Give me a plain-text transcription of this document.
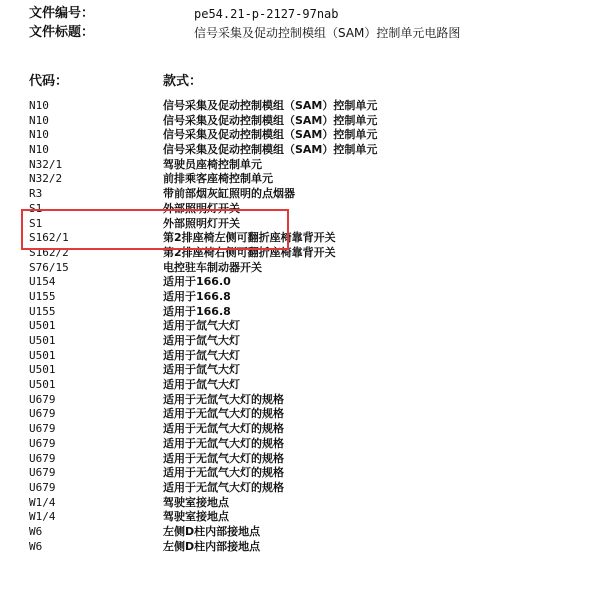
文件编号：	pe54.21-p-2127-97nab
文件标题：	信号采集及促动控制模组（SAM）控制单元电路图
代码：	款式：
N10	信号采集及促动控制模组（SAM）控制单元
N10	信号采集及促动控制模组（SAM）控制单元
N10	信号采集及促动控制模组（SAM）控制单元
N10	信号采集及促动控制模组（SAM）控制单元
N32/1	驾驶员座椅控制单元
N32/2	前排乘客座椅控制单元
R3	带前部烟灰缸照明的点烟器
S1	外部照明灯开关
S1	外部照明灯开关
S162/1	第2排座椅左侧可翻折座椅靠背开关
S162/2	第2排座椅右侧可翻折座椅靠背开关
S76/15	电控驻车制动器开关
U154	适用于166.0
U155	适用于166.8
U155	适用于166.8
U501	适用于氙气大灯
U501	适用于氙气大灯
U501	适用于氙气大灯
U501	适用于氙气大灯
U501	适用于氙气大灯
U679	适用于无氙气大灯的规格
U679	适用于无氙气大灯的规格
U679	适用于无氙气大灯的规格
U679	适用于无氙气大灯的规格
U679	适用于无氙气大灯的规格
U679	适用于无氙气大灯的规格
U679	适用于无氙气大灯的规格
W1/4	驾驶室接地点
W1/4	驾驶室接地点
W6	左侧D柱内部接地点
W6	左侧D柱内部接地点
